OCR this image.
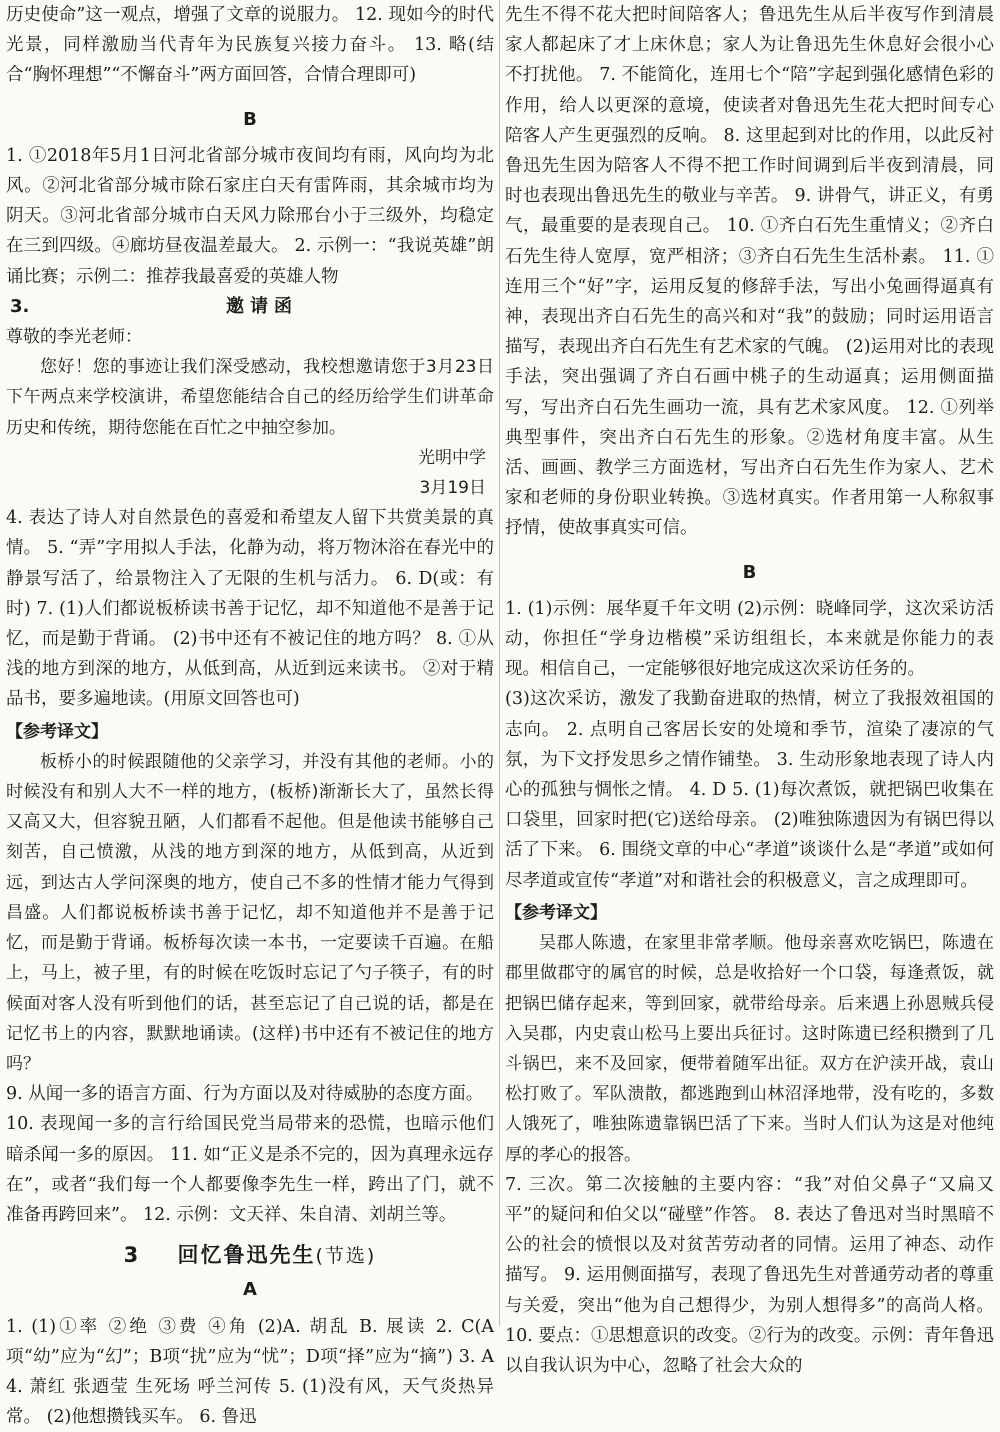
历史使命”这一观点，增强了文章的说服力。 12. 现如今的时代光景，同样激励当代青年为民族复兴接力奋斗。 13. 略(结合“胸怀理想”“不懈奋斗”两方面回答，合情合理即可)

B

1. ①2018年5月1日河北省部分城市夜间均有雨，风向均为北风。②河北省部分城市除石家庄白天有雷阵雨，其余城市均为阴天。③河北省部分城市白天风力除邢台小于三级外，均稳定在三到四级。④廊坊昼夜温差最大。 2. 示例一：“我说英雄”朗诵比赛；示例二：推荐我最喜爱的英雄人物

3.	邀请函

尊敬的李光老师：

您好！您的事迹让我们深受感动，我校想邀请您于3月23日下午两点来学校演讲，希望您能结合自己的经历给学生们讲革命历史和传统，期待您能在百忙之中抽空参加。

光明中学

3月19日

4. 表达了诗人对自然景色的喜爱和希望友人留下共赏美景的真情。 5. “弄”字用拟人手法，化静为动，将万物沐浴在春光中的静景写活了，给景物注入了无限的生机与活力。 6. D(或：有时) 7. (1)人们都说板桥读书善于记忆，却不知道他不是善于记忆，而是勤于背诵。 (2)书中还有不被记住的地方吗？ 8. ①从浅的地方到深的地方，从低到高，从近到远来读书。 ②对于精品书，要多遍地读。(用原文回答也可)

【参考译文】

板桥小的时候跟随他的父亲学习，并没有其他的老师。小的时候没有和别人大不一样的地方，(板桥)渐渐长大了，虽然长得又高又大，但容貌丑陋，人们都看不起他。但是他读书能够自己刻苦，自己愤激，从浅的地方到深的地方，从低到高，从近到远，到达古人学问深奥的地方，使自己不多的性情才能力气得到昌盛。人们都说板桥读书善于记忆，却不知道他并不是善于记忆，而是勤于背诵。板桥每次读一本书，一定要读千百遍。在船上，马上，被子里，有的时候在吃饭时忘记了勺子筷子，有的时候面对客人没有听到他们的话，甚至忘记了自己说的话，都是在记忆书上的内容，默默地诵读。(这样)书中还有不被记住的地方吗？

9. 从闻一多的语言方面、行为方面以及对待威胁的态度方面。

10. 表现闻一多的言行给国民党当局带来的恐慌，也暗示他们暗杀闻一多的原因。 11. 如“正义是杀不完的，因为真理永远存在”，或者“我们每一个人都要像李先生一样，跨出了门，就不准备再跨回来”。 12. 示例：文天祥、朱自清、刘胡兰等。

3 回忆鲁迅先生(节选)
A

1. (1)①率 ②绝 ③费 ④角 (2)A. 胡乱 B. 展读 2. C(A项“幼”应为“幻”；B项“扰”应为“忧”；D项“择”应为“摘”) 3. A 4. 萧红 张迺莹 生死场 呼兰河传 5. (1)没有风，天气炎热异常。 (2)他想攒钱买车。 6. 鲁迅

先生不得不花大把时间陪客人；鲁迅先生从后半夜写作到清晨家人都起床了才上床休息；家人为让鲁迅先生休息好会很小心不打扰他。 7. 不能简化，连用七个“陪”字起到强化感情色彩的作用，给人以更深的意境，使读者对鲁迅先生花大把时间专心陪客人产生更强烈的反响。 8. 这里起到对比的作用，以此反衬鲁迅先生因为陪客人不得不把工作时间调到后半夜到清晨，同时也表现出鲁迅先生的敬业与辛苦。 9. 讲骨气，讲正义，有勇气，最重要的是表现自己。 10. ①齐白石先生重情义；②齐白石先生待人宽厚，宽严相济；③齐白石先生生活朴素。 11. ①连用三个“好”字，运用反复的修辞手法，写出小兔画得逼真有神，表现出齐白石先生的高兴和对“我”的鼓励；同时运用语言描写，表现出齐白石先生有艺术家的气魄。 (2)运用对比的表现手法，突出强调了齐白石画中桃子的生动逼真；运用侧面描写，写出齐白石先生画功一流，具有艺术家风度。 12. ①列举典型事件，突出齐白石先生的形象。②选材角度丰富。从生活、画画、教学三方面选材，写出齐白石先生作为家人、艺术家和老师的身份职业转换。③选材真实。作者用第一人称叙事抒情，使故事真实可信。

B

1. (1)示例：展华夏千年文明 (2)示例：晓峰同学，这次采访活动，你担任“学身边楷模”采访组组长，本来就是你能力的表现。相信自己，一定能够很好地完成这次采访任务的。

(3)这次采访，激发了我勤奋进取的热情，树立了我报效祖国的志向。 2. 点明自己客居长安的处境和季节，渲染了凄凉的气氛，为下文抒发思乡之情作铺垫。 3. 生动形象地表现了诗人内心的孤独与惆怅之情。 4. D 5. (1)每次煮饭，就把锅巴收集在口袋里，回家时把(它)送给母亲。 (2)唯独陈遗因为有锅巴得以活了下来。 6. 围绕文章的中心“孝道”谈谈什么是“孝道”或如何尽孝道或宣传“孝道”对和谐社会的积极意义，言之成理即可。

【参考译文】

吴郡人陈遗，在家里非常孝顺。他母亲喜欢吃锅巴，陈遗在郡里做郡守的属官的时候，总是收拾好一个口袋，每逢煮饭，就把锅巴储存起来，等到回家，就带给母亲。后来遇上孙恩贼兵侵入吴郡，内史袁山松马上要出兵征讨。这时陈遗已经积攒到了几斗锅巴，来不及回家，便带着随军出征。双方在沪渎开战，袁山松打败了。军队溃散，都逃跑到山林沼泽地带，没有吃的，多数人饿死了，唯独陈遗靠锅巴活了下来。当时人们认为这是对他纯厚的孝心的报答。

7. 三次。第二次接触的主要内容：“我”对伯父鼻子“又扁又平”的疑问和伯父以“碰壁”作答。 8. 表达了鲁迅对当时黑暗不公的社会的愤恨以及对贫苦劳动者的同情。运用了神态、动作描写。 9. 运用侧面描写，表现了鲁迅先生对普通劳动者的尊重与关爱，突出“他为自己想得少，为别人想得多”的高尚人格。 10. 要点：①思想意识的改变。②行为的改变。示例：青年鲁迅以自我认识为中心，忽略了社会大众的
